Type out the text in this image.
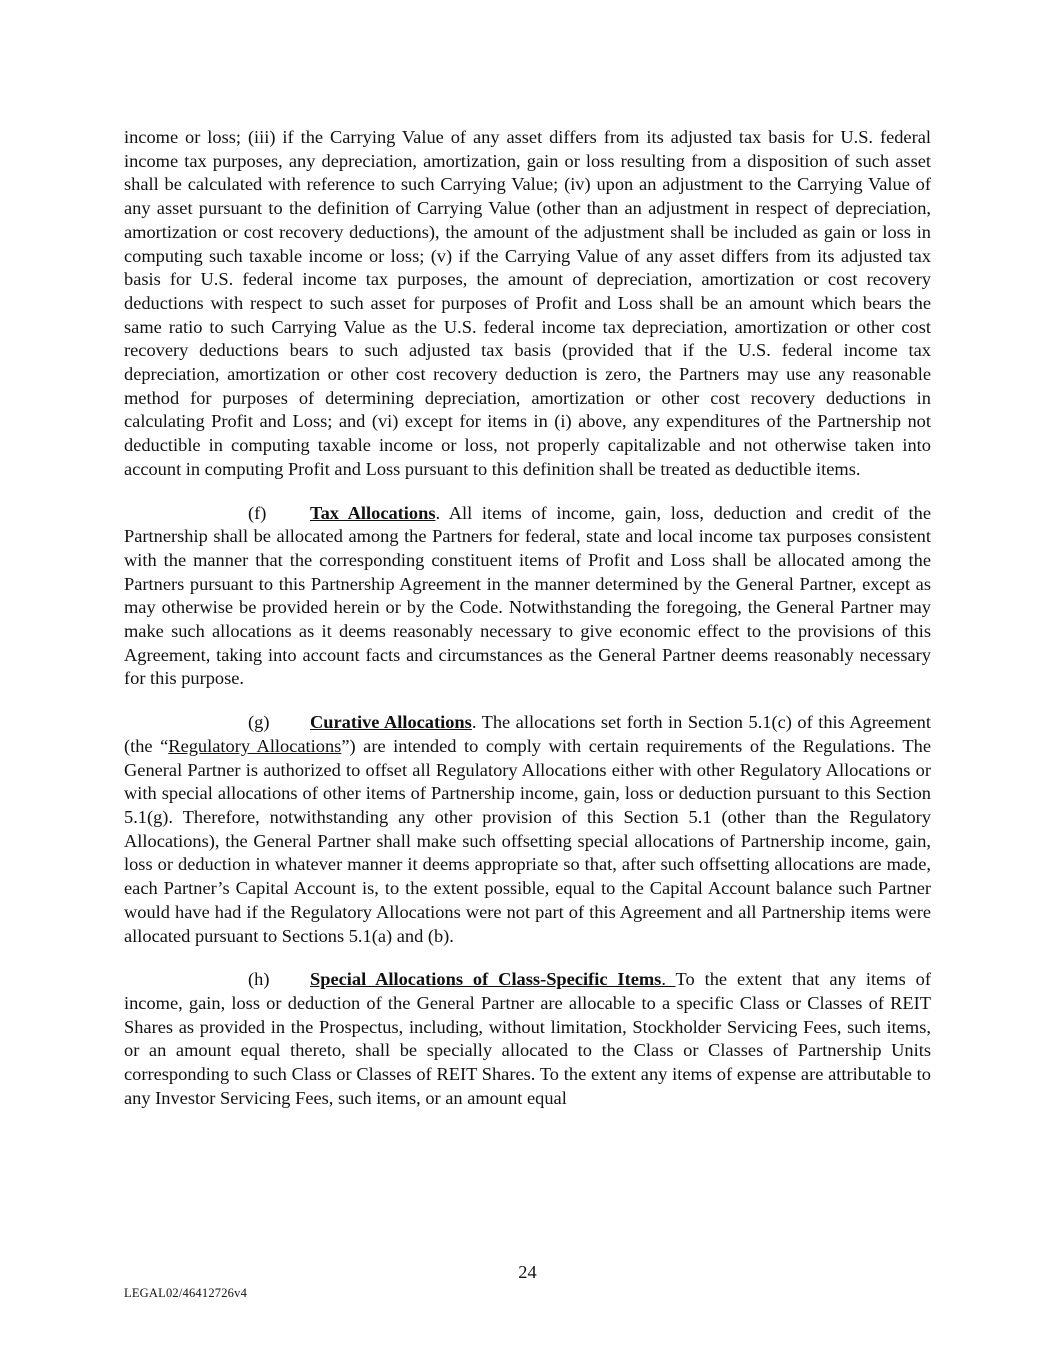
income or loss; (iii) if the Carrying Value of any asset differs from its adjusted tax basis for U.S. federal income tax purposes, any depreciation, amortization, gain or loss resulting from a disposition of such asset shall be calculated with reference to such Carrying Value; (iv) upon an adjustment to the Carrying Value of any asset pursuant to the definition of Carrying Value (other than an adjustment in respect of depreciation, amortization or cost recovery deductions), the amount of the adjustment shall be included as gain or loss in computing such taxable income or loss; (v) if the Carrying Value of any asset differs from its adjusted tax basis for U.S. federal income tax purposes, the amount of depreciation, amortization or cost recovery deductions with respect to such asset for purposes of Profit and Loss shall be an amount which bears the same ratio to such Carrying Value as the U.S. federal income tax depreciation, amortization or other cost recovery deductions bears to such adjusted tax basis (provided that if the U.S. federal income tax depreciation, amortization or other cost recovery deduction is zero, the Partners may use any reasonable method for purposes of determining depreciation, amortization or other cost recovery deductions in calculating Profit and Loss; and (vi) except for items in (i) above, any expenditures of the Partnership not deductible in computing taxable income or loss, not properly capitalizable and not otherwise taken into account in computing Profit and Loss pursuant to this definition shall be treated as deductible items.

(f) Tax Allocations. All items of income, gain, loss, deduction and credit of the Partnership shall be allocated among the Partners for federal, state and local income tax purposes consistent with the manner that the corresponding constituent items of Profit and Loss shall be allocated among the Partners pursuant to this Partnership Agreement in the manner determined by the General Partner, except as may otherwise be provided herein or by the Code. Notwithstanding the foregoing, the General Partner may make such allocations as it deems reasonably necessary to give economic effect to the provisions of this Agreement, taking into account facts and circumstances as the General Partner deems reasonably necessary for this purpose.

(g) Curative Allocations. The allocations set forth in Section 5.1(c) of this Agreement (the “Regulatory Allocations”) are intended to comply with certain requirements of the Regulations. The General Partner is authorized to offset all Regulatory Allocations either with other Regulatory Allocations or with special allocations of other items of Partnership income, gain, loss or deduction pursuant to this Section 5.1(g). Therefore, notwithstanding any other provision of this Section 5.1 (other than the Regulatory Allocations), the General Partner shall make such offsetting special allocations of Partnership income, gain, loss or deduction in whatever manner it deems appropriate so that, after such offsetting allocations are made, each Partner’s Capital Account is, to the extent possible, equal to the Capital Account balance such Partner would have had if the Regulatory Allocations were not part of this Agreement and all Partnership items were allocated pursuant to Sections 5.1(a) and (b).

(h) Special Allocations of Class-Specific Items. To the extent that any items of income, gain, loss or deduction of the General Partner are allocable to a specific Class or Classes of REIT Shares as provided in the Prospectus, including, without limitation, Stockholder Servicing Fees, such items, or an amount equal thereto, shall be specially allocated to the Class or Classes of Partnership Units corresponding to such Class or Classes of REIT Shares. To the extent any items of expense are attributable to any Investor Servicing Fees, such items, or an amount equal

24
LEGAL02/46412726v4
